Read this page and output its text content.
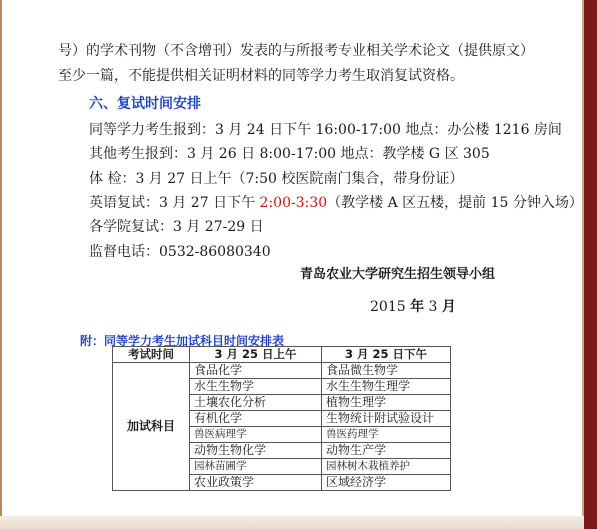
号）的学术刊物（不含增刊）发表的与所报考专业相关学术论文（提供原文）
至少一篇，不能提供相关证明材料的同等学力考生取消复试资格。
六、复试时间安排
同等学力考生报到：3 月 24 日下午 16:00-17:00 地点：办公楼 1216 房间
其他考生报到：3 月 26 日 8:00-17:00 地点：教学楼 G 区 305
体 检：3 月 27 日上午（7:50 校医院南门集合，带身份证）
英语复试：3 月 27 日下午 2:00-3:30（教学楼 A 区五楼，提前 15 分钟入场）
各学院复试：3 月 27-29 日
监督电话：0532-86080340
青岛农业大学研究生招生领导小组
2015 年 3 月
附：同等学力考生加试科目时间安排表
考试时间	3 月 25 日上午	3 月 25 日下午
加试科目	食品化学	食品微生物学
	水生生物学	水生生物生理学
	土壤农化分析	植物生理学
	有机化学	生物统计附试验设计
	兽医病理学	兽医药理学
	动物生物化学	动物生产学
	园林苗圃学	园林树木栽植养护
	农业政策学	区域经济学
